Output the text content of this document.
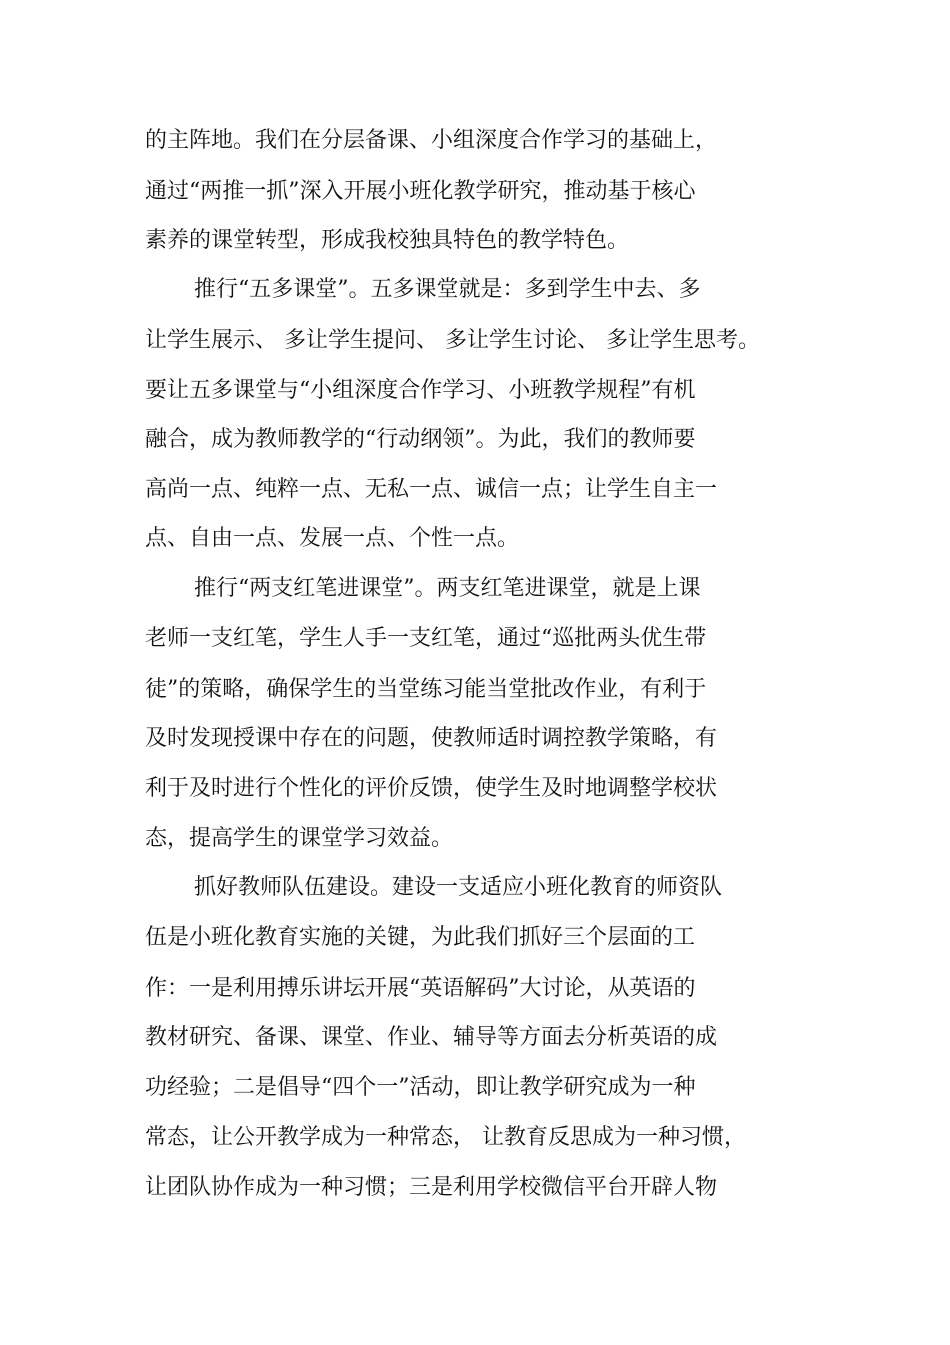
的主阵地。我们在分层备课、小组深度合作学习的基础上，

通过“两推一抓”深入开展小班化教学研究，推动基于核心

素养的课堂转型，形成我校独具特色的教学特色。

推行“五多课堂”。五多课堂就是：多到学生中去、多

让学生展示、 多让学生提问、 多让学生讨论、 多让学生思考。

要让五多课堂与“小组深度合作学习、小班教学规程”有机

融合，成为教师教学的“行动纲领”。为此，我们的教师要

高尚一点、纯粹一点、无私一点、诚信一点；让学生自主一

点、自由一点、发展一点、个性一点。

推行“两支红笔进课堂”。两支红笔进课堂，就是上课

老师一支红笔，学生人手一支红笔，通过“巡批两头优生带

徒”的策略，确保学生的当堂练习能当堂批改作业，有利于

及时发现授课中存在的问题，使教师适时调控教学策略，有

利于及时进行个性化的评价反馈，使学生及时地调整学校状

态，提高学生的课堂学习效益。

抓好教师队伍建设。建设一支适应小班化教育的师资队

伍是小班化教育实施的关键，为此我们抓好三个层面的工

作：一是利用搏乐讲坛开展“英语解码”大讨论，从英语的

教材研究、备课、课堂、作业、辅导等方面去分析英语的成

功经验；二是倡导“四个一”活动，即让教学研究成为一种

常态，让公开教学成为一种常态， 让教育反思成为一种习惯，

让团队协作成为一种习惯；三是利用学校微信平台开辟人物
